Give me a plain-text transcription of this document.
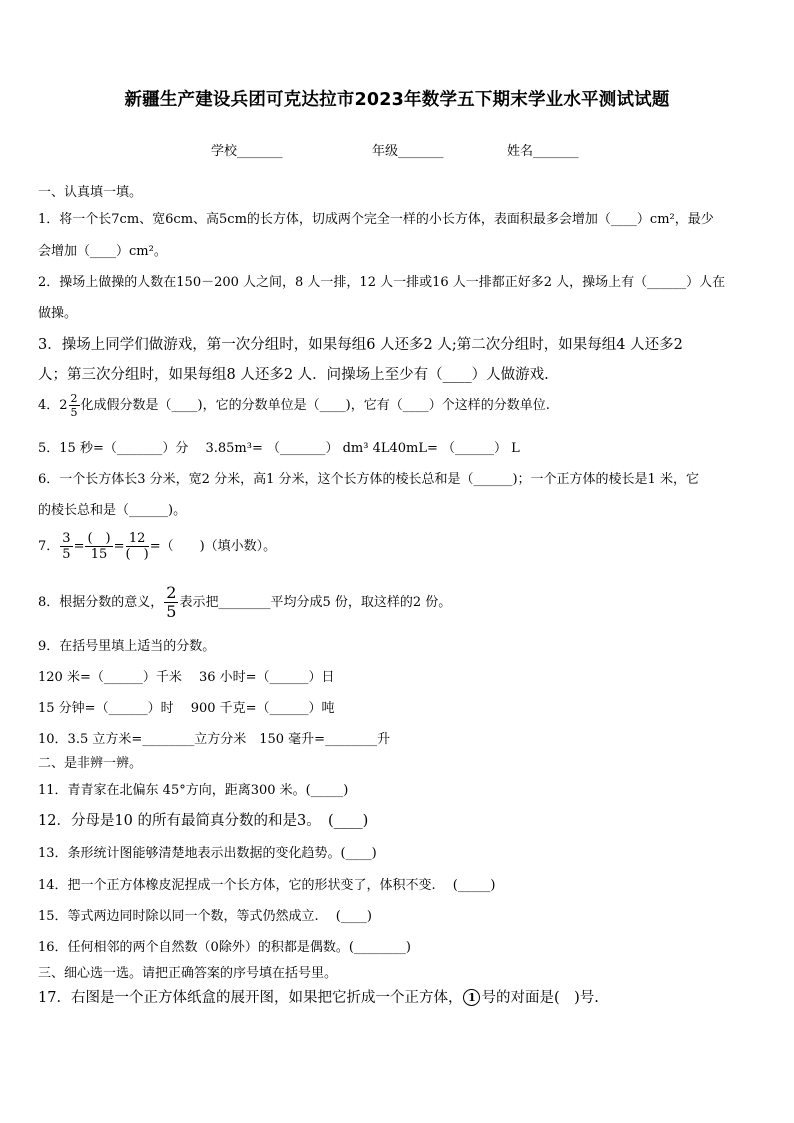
新疆生产建设兵团可克达拉市2023年数学五下期末学业水平测试试题
学校_______	年级_______	姓名_______
一、认真填一填。
1．将一个长7cm、宽6cm、高5cm的长方体，切成两个完全一样的小长方体，表面积最多会增加（____）cm²，最少
会增加（____）cm²。
2．操场上做操的人数在150－200 人之间，8 人一排，12 人一排或16 人一排都正好多2 人，操场上有（______）人在
做操。
3．操场上同学们做游戏，第一次分组时，如果每组6 人还多2 人;第二次分组时，如果每组4 人还多2
人；第三次分组时，如果每组8 人还多2 人．问操场上至少有（____）人做游戏.
4．$2 \frac{2}{5}$ 化成假分数是（____)，它的分数单位是（____)，它有（____）个这样的分数单位.
5．15 秒=（_______）分　 3.85m³= （_______） dm³ 4L40mL= （______） L
6．一个长方体长3 分米，宽2 分米，高1 分米，这个长方体的棱长总和是（______)；一个正方体的棱长是1 米，它
的棱长总和是（______)。
7． $\frac{3}{5} = \frac{( )}{15} = \frac{12}{( )}$ =（　　)（填小数）。
8．根据分数的意义， $\frac{2}{5}$ 表示把________平均分成5 份，取这样的2 份。
9．在括号里填上适当的分数。
120 米=（______）千米　 36 小时=（______）日
15 分钟=（______）时　 900 千克=（______）吨
10．3.5 立方米=________立方分米　150 毫升=________升
二、是非辨一辨。
11．青青家在北偏东 45°方向，距离300 米。(_____)
12．分母是10 的所有最简真分数的和是3。　(____)
13．条形统计图能够清楚地表示出数据的变化趋势。(____)
14．把一个正方体橡皮泥捏成一个长方体，它的形状变了，体积不变.　 (_____)
15．等式两边同时除以同一个数，等式仍然成立.　 (____)
16．任何相邻的两个自然数（0除外）的积都是偶数。(________)
三、细心选一选。请把正确答案的序号填在括号里。
17．右图是一个正方体纸盒的展开图，如果把它折成一个正方体， 1 号的对面是(　)号.
